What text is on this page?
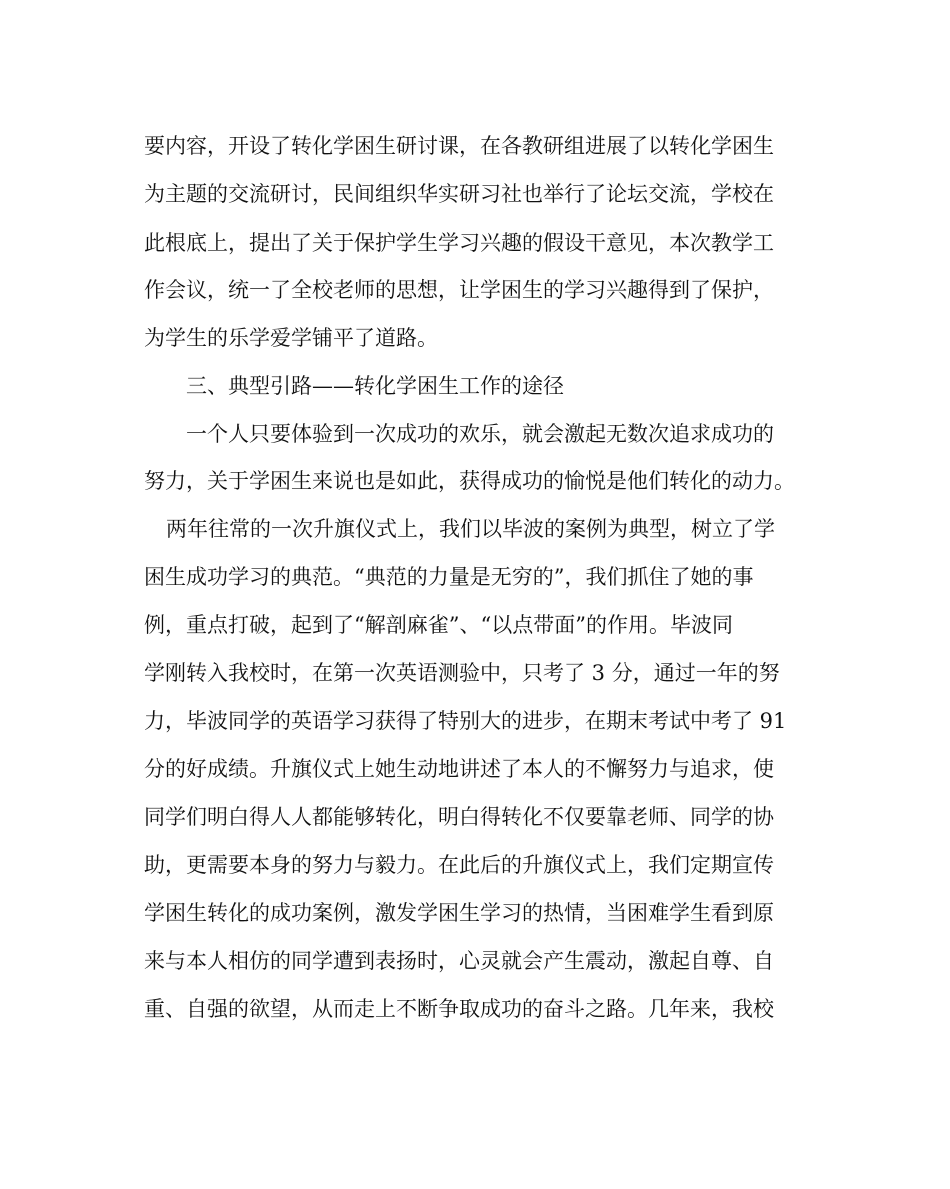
要内容，开设了转化学困生研讨课，在各教研组进展了以转化学困生
为主题的交流研讨，民间组织华实研习社也举行了论坛交流，学校在
此根底上，提出了关于保护学生学习兴趣的假设干意见，本次教学工
作会议，统一了全校老师的思想，让学困生的学习兴趣得到了保护，
为学生的乐学爱学铺平了道路。
三、典型引路——转化学困生工作的途径
一个人只要体验到一次成功的欢乐，就会激起无数次追求成功的
努力，关于学困生来说也是如此，获得成功的愉悦是他们转化的动力。
两年往常的一次升旗仪式上，我们以毕波的案例为典型，树立了学
困生成功学习的典范。“典范的力量是无穷的”，我们抓住了她的事
例，重点打破，起到了“解剖麻雀”、“以点带面”的作用。毕波同
学刚转入我校时，在第一次英语测验中，只考了 3 分，通过一年的努
力，毕波同学的英语学习获得了特别大的进步，在期末考试中考了 91
分的好成绩。升旗仪式上她生动地讲述了本人的不懈努力与追求，使
同学们明白得人人都能够转化，明白得转化不仅要靠老师、同学的协
助，更需要本身的努力与毅力。在此后的升旗仪式上，我们定期宣传
学困生转化的成功案例，激发学困生学习的热情，当困难学生看到原
来与本人相仿的同学遭到表扬时，心灵就会产生震动，激起自尊、自
重、自强的欲望，从而走上不断争取成功的奋斗之路。几年来，我校
